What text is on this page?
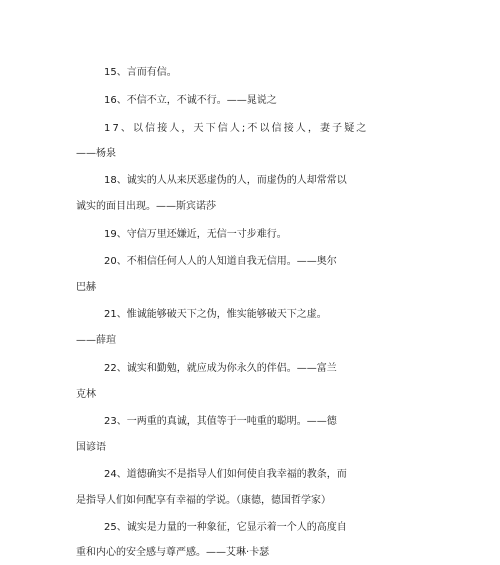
15、言而有信。
16、不信不立，不诚不行。——晁说之
17、以信接人，天下信人;不以信接人，妻子疑之
——杨泉
18、诚实的人从来厌恶虚伪的人，而虚伪的人却常常以
诚实的面目出现。——斯宾诺莎
19、守信万里还嫌近，无信一寸步难行。
20、不相信任何人人的人知道自我无信用。——奥尔
巴赫
21、惟诚能够破天下之伪，惟实能够破天下之虚。
——薛瑄
22、诚实和勤勉，就应成为你永久的伴侣。——富兰
克林
23、一两重的真诚，其值等于一吨重的聪明。——德
国谚语
24、道德确实不是指导人们如何使自我幸福的教条，而
是指导人们如何配享有幸福的学说。（康德，德国哲学家）
25、诚实是力量的一种象征，它显示着一个人的高度自
重和内心的安全感与尊严感。——艾琳·卡瑟
